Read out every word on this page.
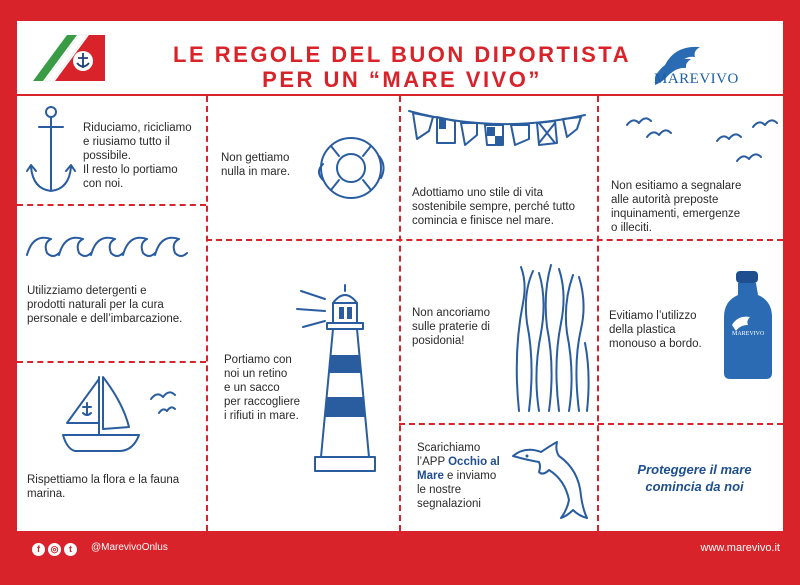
LE REGOLE DEL BUON DIPORTISTA
PER UN “MARE VIVO”	MAREVIVO
Riduciamo, ricicliamo
e riusiamo tutto il
possibile.
Il resto lo portiamo
con noi.
Non gettiamo
nulla in mare.
Adottiamo uno stile di vita
sostenibile sempre, perché tutto
comincia e finisce nel mare.
Non esitiamo a segnalare
alle autorità preposte
inquinamenti, emergenze
o illeciti.
Utilizziamo detergenti e
prodotti naturali per la cura
personale e dell’imbarcazione.
Portiamo con
noi un retino
e un sacco
per raccogliere
i rifiuti in mare.
Non ancoriamo
sulle praterie di
posidonia!
Evitiamo l’utilizzo
della plastica
monouso a bordo.
MAREVIVO
Rispettiamo la flora e la fauna
marina.
Scarichiamo
l’APP Occhio al
Mare e inviamo
le nostre
segnalazioni
Proteggere il mare
comincia da noi
f ◎ t	@MarevivoOnlus	www.marevivo.it
